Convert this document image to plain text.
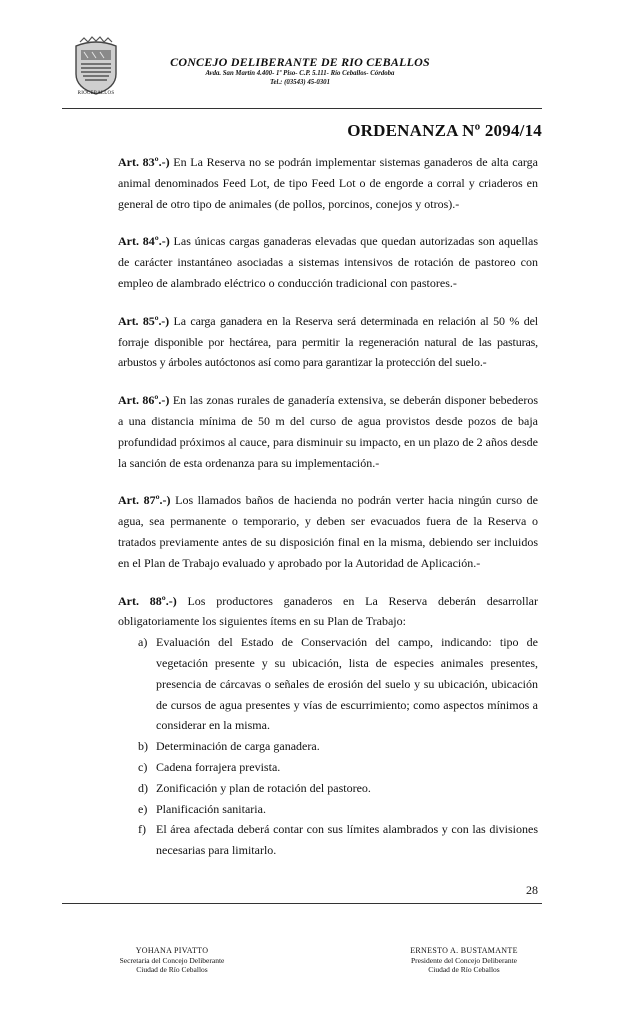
RIOCEBALLOS
CONCEJO DELIBERANTE DE RIO CEBALLOS
Avda. San Martín 4.400- 1º Piso- C.P. 5.111- Río Ceballos- Córdoba
Tel.: (03543) 45-0301
ORDENANZA Nº 2094/14

Art. 83º.-) En La Reserva no se podrán implementar sistemas ganaderos de alta carga animal denominados Feed Lot, de tipo Feed Lot o de engorde a corral y criaderos en general de otro tipo de animales (de pollos, porcinos, conejos y otros).-

Art. 84º.-) Las únicas cargas ganaderas elevadas que quedan autorizadas son aquellas de carácter instantáneo asociadas a sistemas intensivos de rotación de pastoreo con empleo de alambrado eléctrico o conducción tradicional con pastores.-

Art. 85º.-) La carga ganadera en la Reserva será determinada en relación al 50 % del forraje disponible por hectárea, para permitir la regeneración natural de las pasturas, arbustos y árboles autóctonos así como para garantizar la protección del suelo.-

Art. 86º.-) En las zonas rurales de ganadería extensiva, se deberán disponer bebederos a una distancia mínima de 50 m del curso de agua provistos desde pozos de baja profundidad próximos al cauce, para disminuir su impacto, en un plazo de 2 años desde la sanción de esta ordenanza para su implementación.-

Art. 87º.-) Los llamados baños de hacienda no podrán verter hacia ningún curso de agua, sea permanente o temporario, y deben ser evacuados fuera de la Reserva o tratados previamente antes de su disposición final en la misma, debiendo ser incluidos en el Plan de Trabajo evaluado y aprobado por la Autoridad de Aplicación.-

Art. 88º.-) Los productores ganaderos en La Reserva deberán desarrollar obligatoriamente los siguientes ítems en su Plan de Trabajo:

a) Evaluación del Estado de Conservación del campo, indicando: tipo de vegetación presente y su ubicación, lista de especies animales presentes, presencia de cárcavas o señales de erosión del suelo y su ubicación, ubicación de cursos de agua presentes y vías de escurrimiento; como aspectos mínimos a considerar en la misma.
b) Determinación de carga ganadera.
c) Cadena forrajera prevista.
d) Zonificación y plan de rotación del pastoreo.
e) Planificación sanitaria.
f) El área afectada deberá contar con sus límites alambrados y con las divisiones necesarias para limitarlo.
28
YOHANA PIVATTO
Secretaria del Concejo Deliberante
Ciudad de Río Ceballos
ERNESTO A. BUSTAMANTE
Presidente del Concejo Deliberante
Ciudad de Río Ceballos
